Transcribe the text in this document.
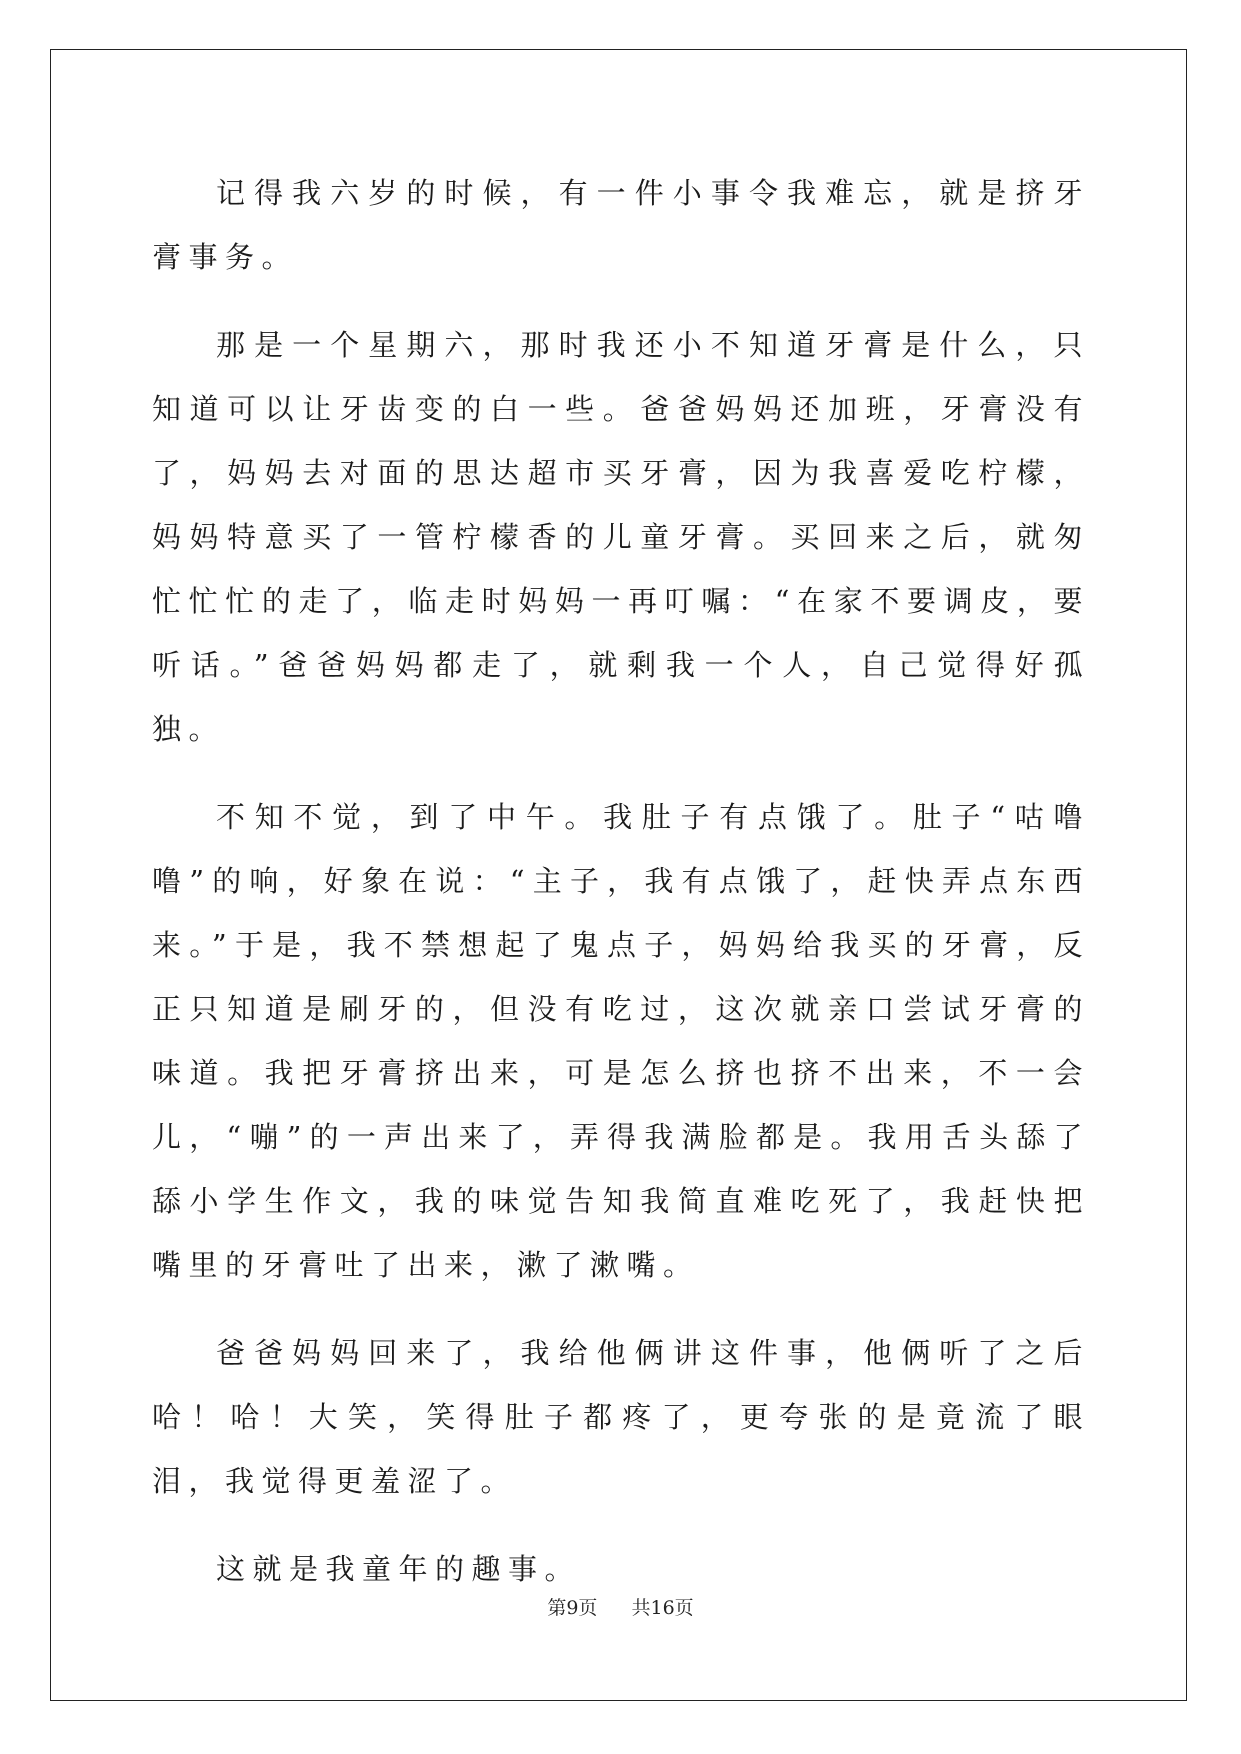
记得我六岁的时候，有一件小事令我难忘，就是挤牙膏事务。

那是一个星期六，那时我还小不知道牙膏是什么，只知道可以让牙齿变的白一些。爸爸妈妈还加班，牙膏没有了，妈妈去对面的思达超市买牙膏，因为我喜爱吃柠檬，妈妈特意买了一管柠檬香的儿童牙膏。买回来之后，就匆忙忙忙的走了，临走时妈妈一再叮嘱：“在家不要调皮，要听话。”爸爸妈妈都走了，就剩我一个人，自己觉得好孤独。

不知不觉，到了中午。我肚子有点饿了。肚子“咕噜噜”的响，好象在说：“主子，我有点饿了，赶快弄点东西来。”于是，我不禁想起了鬼点子，妈妈给我买的牙膏，反正只知道是刷牙的，但没有吃过，这次就亲口尝试牙膏的味道。我把牙膏挤出来，可是怎么挤也挤不出来，不一会儿，“嘣”的一声出来了，弄得我满脸都是。我用舌头舔了舔小学生作文，我的味觉告知我简直难吃死了，我赶快把嘴里的牙膏吐了出来，漱了漱嘴。

爸爸妈妈回来了，我给他俩讲这件事，他俩听了之后哈！哈！大笑，笑得肚子都疼了，更夸张的是竟流了眼泪，我觉得更羞涩了。

这就是我童年的趣事。

第9页 共16页
